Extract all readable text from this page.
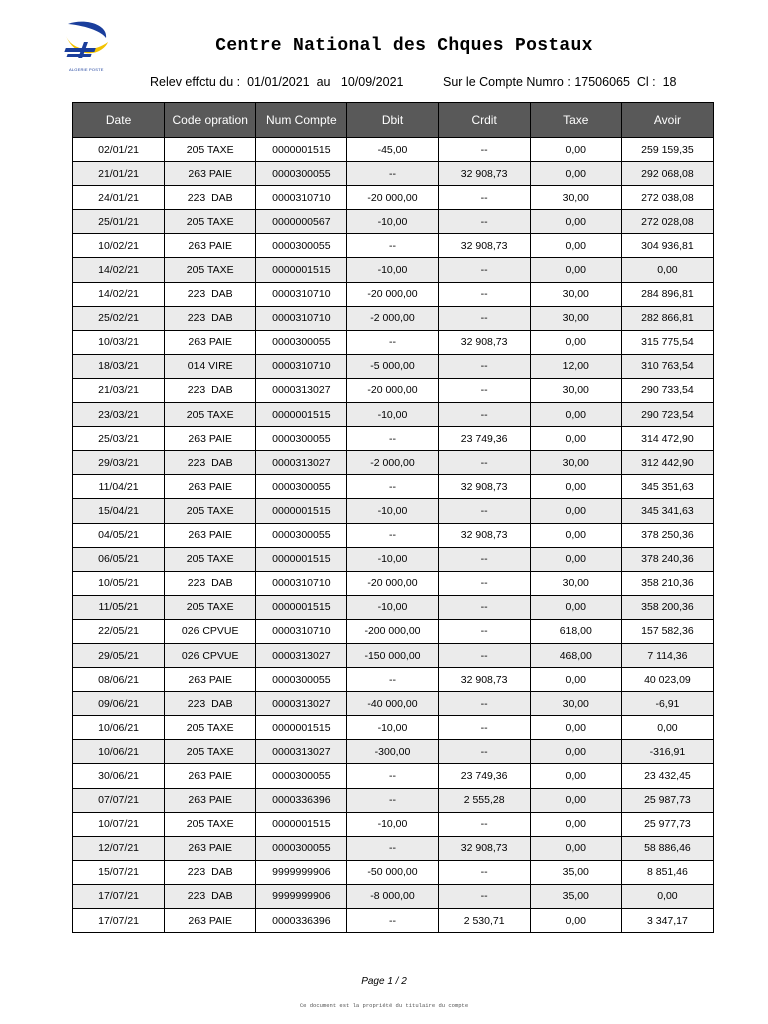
ALGERIE POSTE
Centre National des Chques Postaux
Relev effctu du : 01/01/2021 au 10/09/2021	Sur le Compte Numro : 17506065 Cl : 18
Date	Code opration	Num Compte	Dbit	Crdit	Taxe	Avoir
02/01/21	205 TAXE	0000001515	-45,00	--	0,00	259 159,35
21/01/21	263 PAIE	0000300055	--	32 908,73	0,00	292 068,08
24/01/21	223  DAB	0000310710	-20 000,00	--	30,00	272 038,08
25/01/21	205 TAXE	0000000567	-10,00	--	0,00	272 028,08
10/02/21	263 PAIE	0000300055	--	32 908,73	0,00	304 936,81
14/02/21	205 TAXE	0000001515	-10,00	--	0,00	0,00
14/02/21	223  DAB	0000310710	-20 000,00	--	30,00	284 896,81
25/02/21	223  DAB	0000310710	-2 000,00	--	30,00	282 866,81
10/03/21	263 PAIE	0000300055	--	32 908,73	0,00	315 775,54
18/03/21	014 VIRE	0000310710	-5 000,00	--	12,00	310 763,54
21/03/21	223  DAB	0000313027	-20 000,00	--	30,00	290 733,54
23/03/21	205 TAXE	0000001515	-10,00	--	0,00	290 723,54
25/03/21	263 PAIE	0000300055	--	23 749,36	0,00	314 472,90
29/03/21	223  DAB	0000313027	-2 000,00	--	30,00	312 442,90
11/04/21	263 PAIE	0000300055	--	32 908,73	0,00	345 351,63
15/04/21	205 TAXE	0000001515	-10,00	--	0,00	345 341,63
04/05/21	263 PAIE	0000300055	--	32 908,73	0,00	378 250,36
06/05/21	205 TAXE	0000001515	-10,00	--	0,00	378 240,36
10/05/21	223  DAB	0000310710	-20 000,00	--	30,00	358 210,36
11/05/21	205 TAXE	0000001515	-10,00	--	0,00	358 200,36
22/05/21	026 CPVUE	0000310710	-200 000,00	--	618,00	157 582,36
29/05/21	026 CPVUE	0000313027	-150 000,00	--	468,00	7 114,36
08/06/21	263 PAIE	0000300055	--	32 908,73	0,00	40 023,09
09/06/21	223  DAB	0000313027	-40 000,00	--	30,00	-6,91
10/06/21	205 TAXE	0000001515	-10,00	--	0,00	0,00
10/06/21	205 TAXE	0000313027	-300,00	--	0,00	-316,91
30/06/21	263 PAIE	0000300055	--	23 749,36	0,00	23 432,45
07/07/21	263 PAIE	0000336396	--	2 555,28	0,00	25 987,73
10/07/21	205 TAXE	0000001515	-10,00	--	0,00	25 977,73
12/07/21	263 PAIE	0000300055	--	32 908,73	0,00	58 886,46
15/07/21	223  DAB	9999999906	-50 000,00	--	35,00	8 851,46
17/07/21	223  DAB	9999999906	-8 000,00	--	35,00	0,00
17/07/21	263 PAIE	0000336396	--	2 530,71	0,00	3 347,17
Page 1 / 2
Ce document est la propriété du titulaire du compte
